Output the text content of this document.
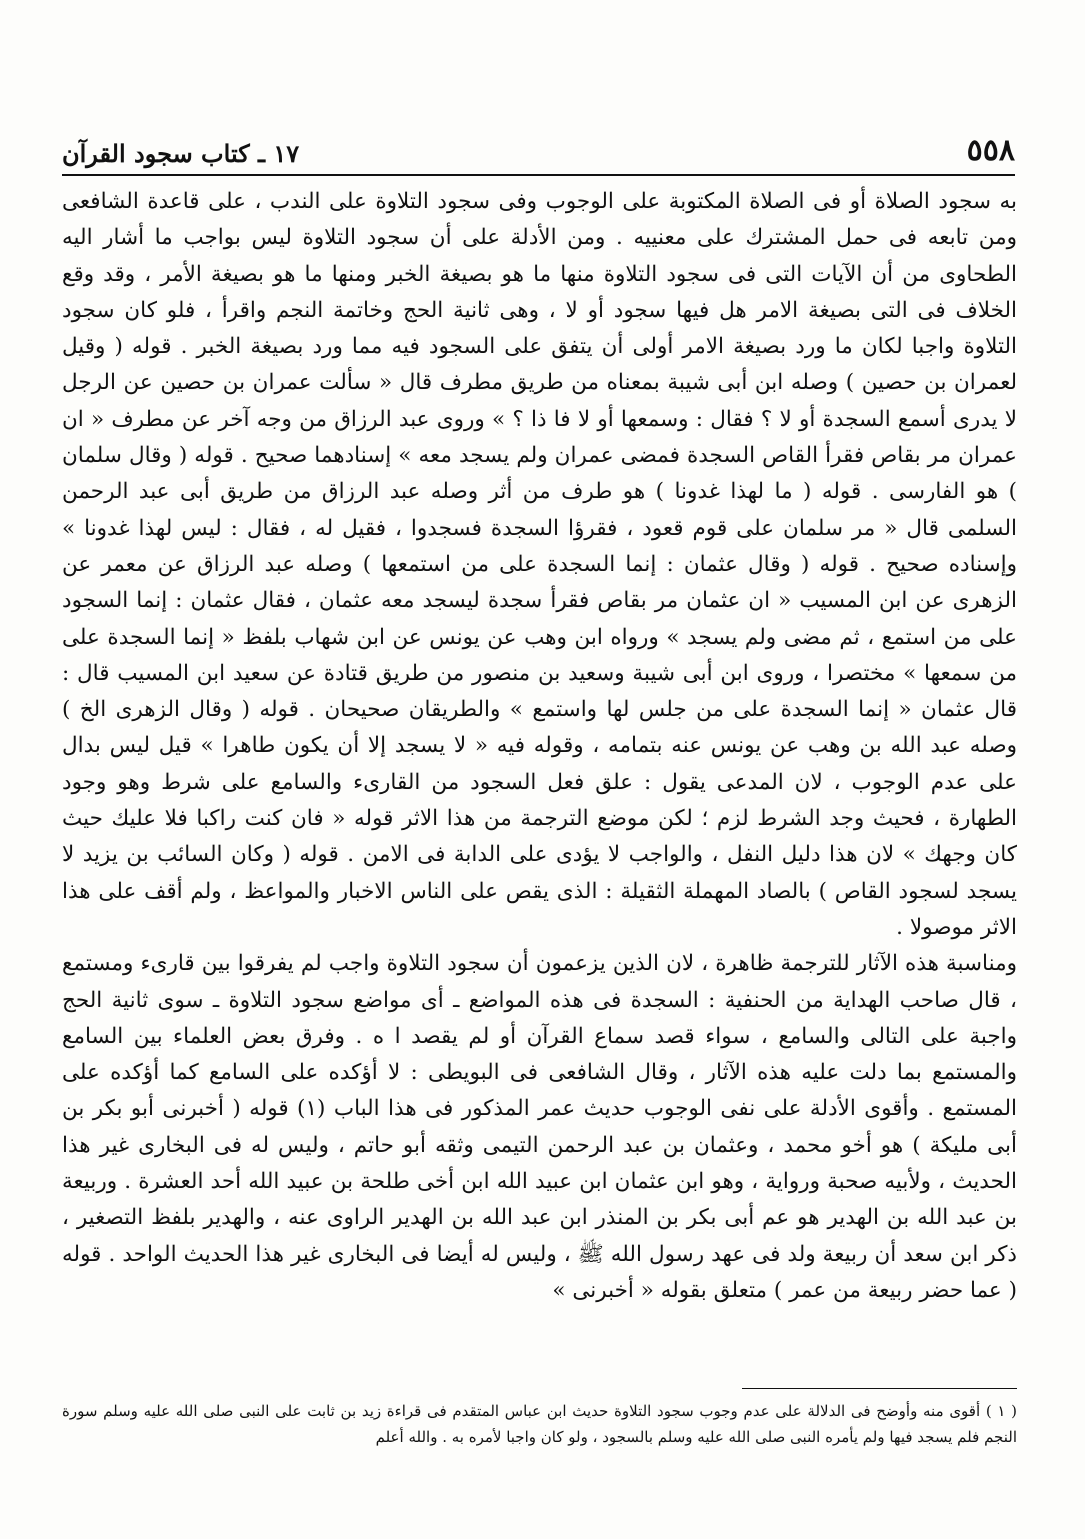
٥٥٨
١٧ ـ كتاب سجود القرآن
به سجود الصلاة أو فى الصلاة المكتوبة على الوجوب وفى سجود التلاوة على الندب ، على قاعدة الشافعى ومن تابعه فى حمل المشترك على معنييه . ومن الأدلة على أن سجود التلاوة ليس بواجب ما أشار اليه الطحاوى من أن الآيات التى فى سجود التلاوة منها ما هو بصيغة الخبر ومنها ما هو بصيغة الأمر ، وقد وقع الخلاف فى التى بصيغة الامر هل فيها سجود أو لا ، وهى ثانية الحج وخاتمة النجم واقرأ ، فلو كان سجود التلاوة واجبا لكان ما ورد بصيغة الامر أولى أن يتفق على السجود فيه مما ورد بصيغة الخبر . قوله ( وقيل لعمران بن حصين ) وصله ابن أبى شيبة بمعناه من طريق مطرف قال « سألت عمران بن حصين عن الرجل لا يدرى أسمع السجدة أو لا ؟ فقال : وسمعها أو لا فا ذا ؟ » وروى عبد الرزاق من وجه آخر عن مطرف « ان عمران مر بقاص فقرأ القاص السجدة فمضى عمران ولم يسجد معه » إسنادهما صحيح . قوله ( وقال سلمان ) هو الفارسى . قوله ( ما لهذا غدونا ) هو طرف من أثر وصله عبد الرزاق من طريق أبى عبد الرحمن السلمى قال « مر سلمان على قوم قعود ، فقرؤا السجدة فسجدوا ، فقيل له ، فقال : ليس لهذا غدونا » وإسناده صحيح . قوله ( وقال عثمان : إنما السجدة على من استمعها ) وصله عبد الرزاق عن معمر عن الزهرى عن ابن المسيب « ان عثمان مر بقاص فقرأ سجدة ليسجد معه عثمان ، فقال عثمان : إنما السجود على من استمع ، ثم مضى ولم يسجد » ورواه ابن وهب عن يونس عن ابن شهاب بلفظ « إنما السجدة على من سمعها » مختصرا ، وروى ابن أبى شيبة وسعيد بن منصور من طريق قتادة عن سعيد ابن المسيب قال : قال عثمان « إنما السجدة على من جلس لها واستمع » والطريقان صحيحان . قوله ( وقال الزهرى الخ ) وصله عبد الله بن وهب عن يونس عنه بتمامه ، وقوله فيه « لا يسجد إلا أن يكون طاهرا » قيل ليس بدال على عدم الوجوب ، لان المدعى يقول : علق فعل السجود من القارىء والسامع على شرط وهو وجود الطهارة ، فحيث وجد الشرط لزم ؛ لكن موضع الترجمة من هذا الاثر قوله « فان كنت راكبا فلا عليك حيث كان وجهك » لان هذا دليل النفل ، والواجب لا يؤدى على الدابة فى الامن . قوله ( وكان السائب بن يزيد لا يسجد لسجود القاص ) بالصاد المهملة الثقيلة : الذى يقص على الناس الاخبار والمواعظ ، ولم أقف على هذا الاثر موصولا .
ومناسبة هذه الآثار للترجمة ظاهرة ، لان الذين يزعمون أن سجود التلاوة واجب لم يفرقوا بين قارىء ومستمع ، قال صاحب الهداية من الحنفية : السجدة فى هذه المواضع ـ أى مواضع سجود التلاوة ـ سوى ثانية الحج واجبة على التالى والسامع ، سواء قصد سماع القرآن أو لم يقصد ا ه . وفرق بعض العلماء بين السامع والمستمع بما دلت عليه هذه الآثار ، وقال الشافعى فى البويطى : لا أؤكده على السامع كما أؤكده على المستمع . وأقوى الأدلة على نفى الوجوب حديث عمر المذكور فى هذا الباب (١) قوله ( أخبرنى أبو بكر بن أبى مليكة ) هو أخو محمد ، وعثمان بن عبد الرحمن التيمى وثقه أبو حاتم ، وليس له فى البخارى غير هذا الحديث ، ولأبيه صحبة ورواية ، وهو ابن عثمان ابن عبيد الله ابن أخى طلحة بن عبيد الله أحد العشرة . وربيعة بن عبد الله بن الهدير هو عم أبى بكر بن المنذر ابن عبد الله بن الهدير الراوى عنه ، والهدير بلفظ التصغير ، ذكر ابن سعد أن ربيعة ولد فى عهد رسول الله ﷺ ، وليس له أيضا فى البخارى غير هذا الحديث الواحد . قوله ( عما حضر ربيعة من عمر ) متعلق بقوله « أخبرنى »

( ١ ) أقوى منه وأوضح فى الدلالة على عدم وجوب سجود التلاوة حديث ابن عباس المتقدم فى قراءة زيد بن ثابت على النبى صلى الله عليه وسلم سورة النجم فلم يسجد فيها ولم يأمره النبى صلى الله عليه وسلم بالسجود ، ولو كان واجبا لأمره به . والله أعلم
